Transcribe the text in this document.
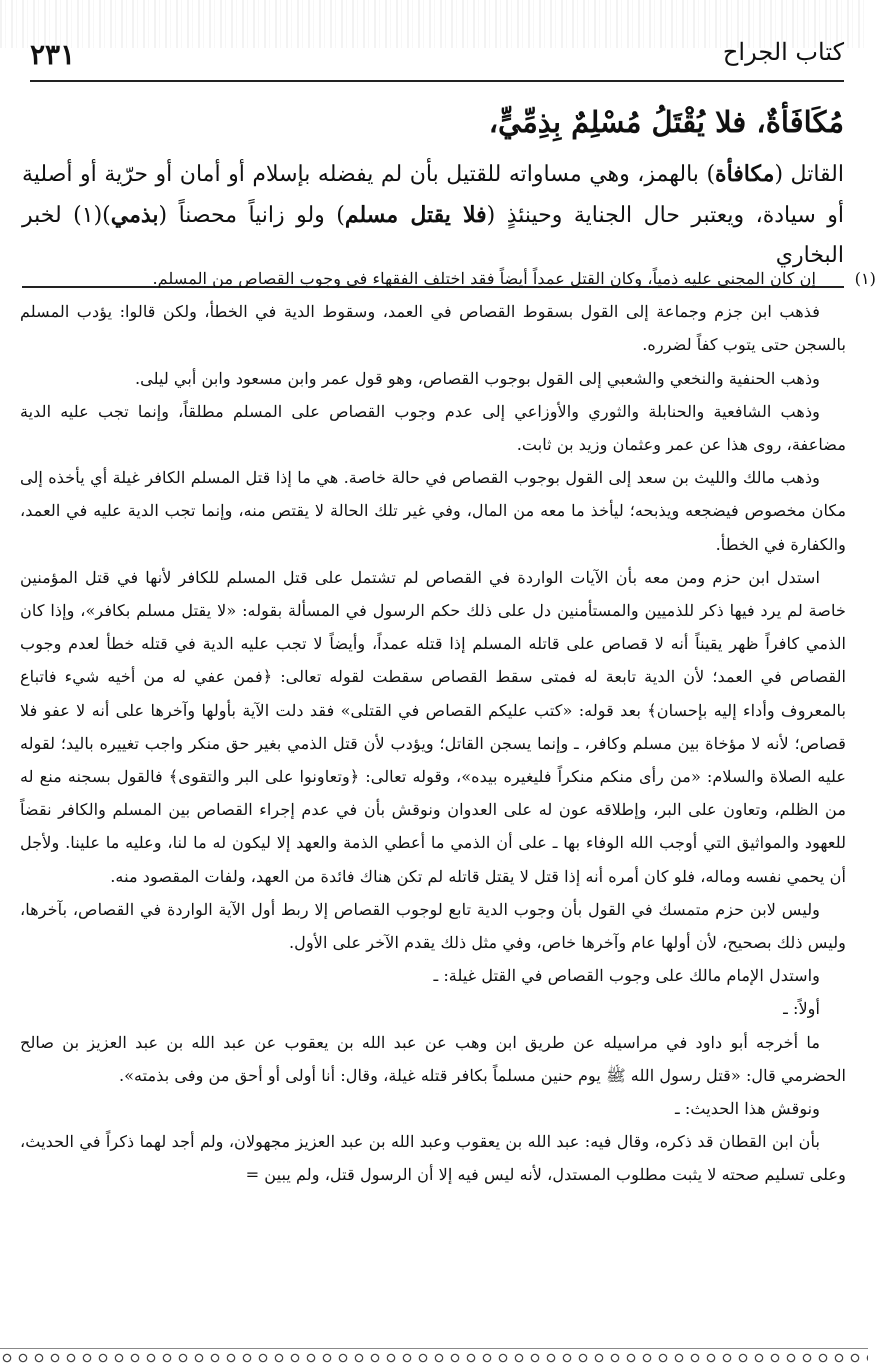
كتاب الجراح
٢٣١
مُكَافَأةٌ، فلا يُقْتَلُ مُسْلِمٌ بِذِمِّيٍّ،
القاتل (مكافأة) بالهمز، وهي مساواته للقتيل بأن لم يفضله بإسلام أو أمان أو حرّية أو أصلية أو سيادة، ويعتبر حال الجناية وحينئذٍ (فلا يقتل مسلم) ولو زانياً محصناً (بذمي)(١) لخبر البخاري

(١)إن كان المجني عليه ذمياً، وكان القتل عمداً أيضاً فقد اختلف الفقهاء في وجوب القصاص من المسلم.

فذهب ابن جزم وجماعة إلى القول بسقوط القصاص في العمد، وسقوط الدية في الخطأ، ولكن قالوا: يؤدب المسلم بالسجن حتى يتوب كفاً لضرره.

وذهب الحنفية والنخعي والشعبي إلى القول بوجوب القصاص، وهو قول عمر وابن مسعود وابن أبي ليلى.

وذهب الشافعية والحنابلة والثوري والأوزاعي إلى عدم وجوب القصاص على المسلم مطلقاً، وإنما تجب عليه الدية مضاعفة، روى هذا عن عمر وعثمان وزيد بن ثابت.

وذهب مالك والليث بن سعد إلى القول بوجوب القصاص في حالة خاصة. هي ما إذا قتل المسلم الكافر غيلة أي يأخذه إلى مكان مخصوص فيضجعه ويذبحه؛ ليأخذ ما معه من المال، وفي غير تلك الحالة لا يقتص منه، وإنما تجب الدية عليه في العمد، والكفارة في الخطأ.

استدل ابن حزم ومن معه بأن الآيات الواردة في القصاص لم تشتمل على قتل المسلم للكافر لأنها في قتل المؤمنين خاصة لم يرد فيها ذكر للذميين والمستأمنين دل على ذلك حكم الرسول في المسألة بقوله: «لا يقتل مسلم بكافر»، وإذا كان الذمي كافراً ظهر يقيناً أنه لا قصاص على قاتله المسلم إذا قتله عمداً، وأيضاً لا تجب عليه الدية في قتله خطأ لعدم وجوب القصاص في العمد؛ لأن الدية تابعة له فمتى سقط القصاص سقطت لقوله تعالى: ﴿فمن عفي له من أخيه شيء فاتباع بالمعروف وأداء إليه بإحسان﴾ بعد قوله: «كتب عليكم القصاص في القتلى» فقد دلت الآية بأولها وآخرها على أنه لا عفو فلا قصاص؛ لأنه لا مؤخاة بين مسلم وكافر، ـ وإنما يسجن القاتل؛ ويؤدب لأن قتل الذمي بغير حق منكر واجب تغييره باليد؛ لقوله عليه الصلاة والسلام: «من رأى منكم منكراً فليغيره بيده»، وقوله تعالى: ﴿وتعاونوا على البر والتقوى﴾ فالقول بسجنه منع له من الظلم، وتعاون على البر، وإطلاقه عون له على العدوان ونوقش بأن في عدم إجراء القصاص بين المسلم والكافر نقضاً للعهود والمواثيق التي أوجب الله الوفاء بها ـ على أن الذمي ما أعطي الذمة والعهد إلا ليكون له ما لنا، وعليه ما علينا. ولأجل أن يحمي نفسه وماله، فلو كان أمره أنه إذا قتل لا يقتل قاتله لم تكن هناك فائدة من العهد، ولفات المقصود منه.

وليس لابن حزم متمسك في القول بأن وجوب الدية تابع لوجوب القصاص إلا ربط أول الآية الواردة في القصاص، بآخرها، وليس ذلك بصحيح، لأن أولها عام وآخرها خاص، وفي مثل ذلك يقدم الآخر على الأول.

واستدل الإمام مالك على وجوب القصاص في القتل غيلة: ـ

أولاً: ـ

ما أخرجه أبو داود في مراسيله عن طريق ابن وهب عن عبد الله بن يعقوب عن عبد الله بن عبد العزيز بن صالح الحضرمي قال: «قتل رسول الله ﷺ يوم حنين مسلماً بكافر قتله غيلة، وقال: أنا أولى أو أحق من وفى بذمته».

ونوقش هذا الحديث: ـ

بأن ابن القطان قد ذكره، وقال فيه: عبد الله بن يعقوب وعبد الله بن عبد العزيز مجهولان، ولم أجد لهما ذكراً في الحديث، وعلى تسليم صحته لا يثبت مطلوب المستدل، لأنه ليس فيه إلا أن الرسول قتل، ولم يبين =
